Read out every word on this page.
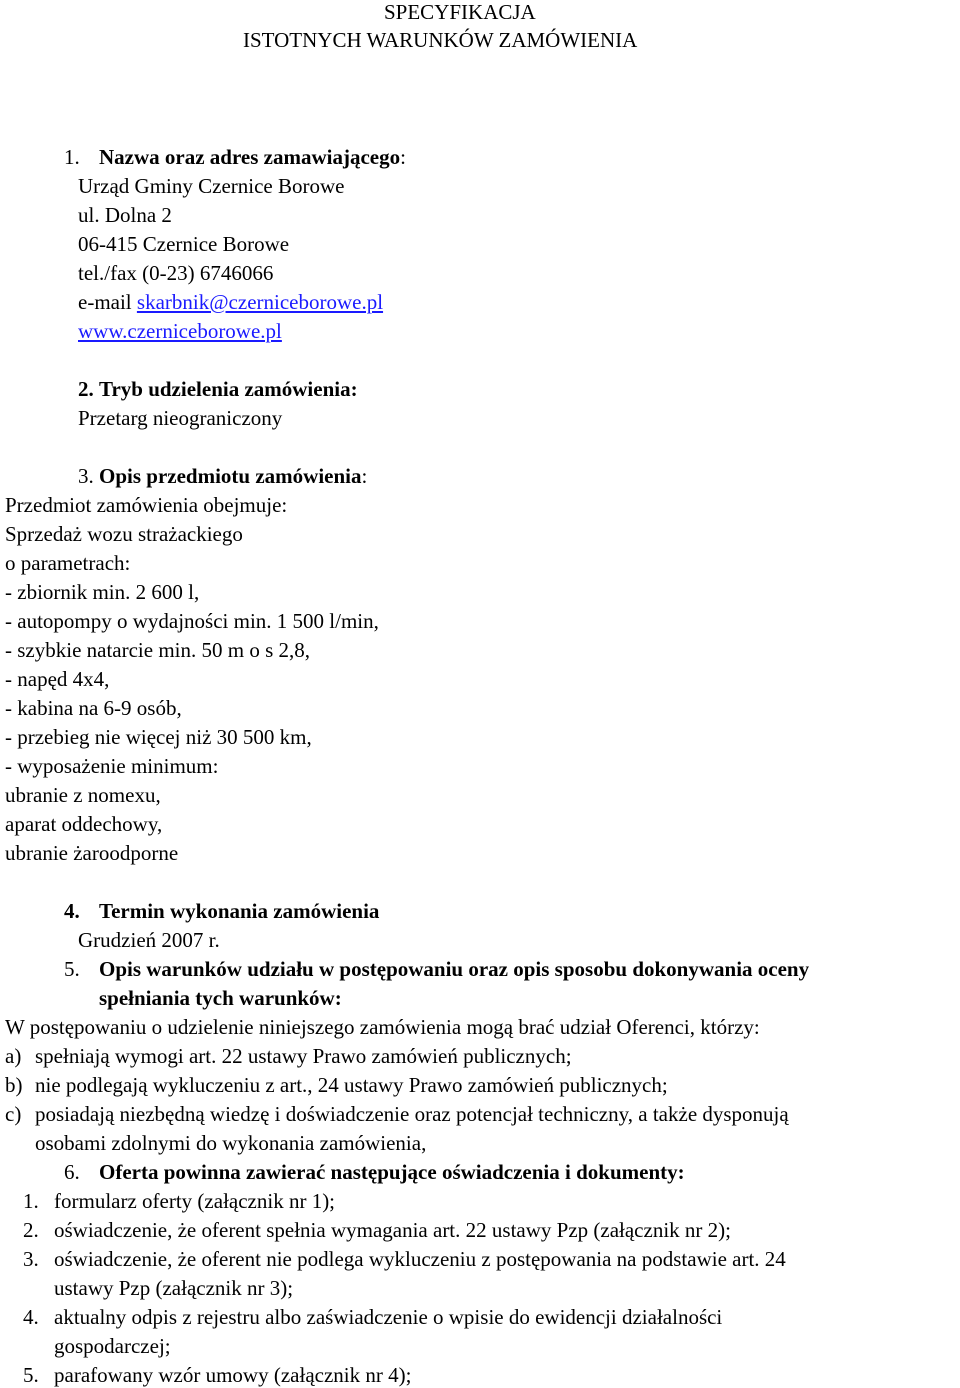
SPECYFIKACJA
ISTOTNYCH WARUNKÓW ZAMÓWIENIA
1. Nazwa oraz adres zamawiającego:
Urząd Gminy Czernice Borowe
ul. Dolna 2
06-415 Czernice Borowe
tel./fax (0-23) 6746066
e-mail skarbnik@czerniceborowe.pl
www.czerniceborowe.pl
2. Tryb udzielenia zamówienia:
Przetarg nieograniczony
3. Opis przedmiotu zamówienia:
Przedmiot zamówienia obejmuje:
Sprzedaż wozu strażackiego
o parametrach:
- zbiornik min. 2 600 l,
- autopompy o wydajności min. 1 500 l/min,
- szybkie natarcie min. 50 m o s 2,8,
- napęd 4x4,
- kabina na 6-9 osób,
- przebieg nie więcej niż 30 500 km,
- wyposażenie minimum:
ubranie z nomexu,
aparat oddechowy,
ubranie żaroodporne
4. Termin wykonania zamówienia
Grudzień 2007 r.
5. Opis warunków udziału w postępowaniu oraz opis sposobu dokonywania oceny
spełniania tych warunków:
W postępowaniu o udzielenie niniejszego zamówienia mogą brać udział Oferenci, którzy:
a) spełniają wymogi art. 22 ustawy Prawo zamówień publicznych;
b) nie podlegają wykluczeniu z art., 24 ustawy Prawo zamówień publicznych;
c) posiadają niezbędną wiedzę i doświadczenie oraz potencjał techniczny, a także dysponują
osobami zdolnymi do wykonania zamówienia,
6. Oferta powinna zawierać następujące oświadczenia i dokumenty:
1. formularz oferty (załącznik nr 1);
2. oświadczenie, że oferent spełnia wymagania art. 22 ustawy Pzp (załącznik nr 2);
3. oświadczenie, że oferent nie podlega wykluczeniu z postępowania na podstawie art. 24
ustawy Pzp (załącznik nr 3);
4. aktualny odpis z rejestru albo zaświadczenie o wpisie do ewidencji działalności
gospodarczej;
5. parafowany wzór umowy (załącznik nr 4);
